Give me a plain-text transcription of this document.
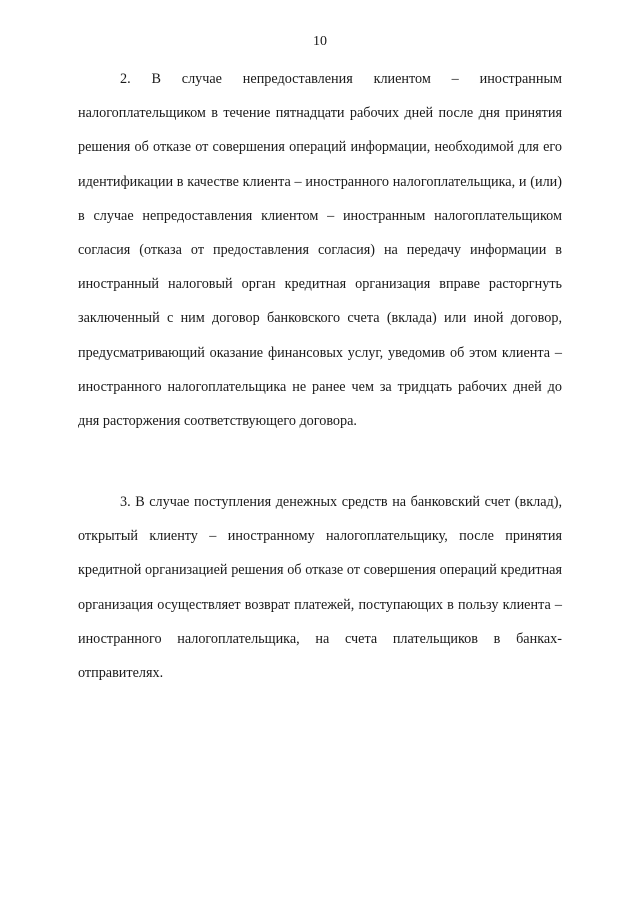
10

2. В случае непредоставления клиентом – иностранным налогоплательщиком в течение пятнадцати рабочих дней после дня принятия решения об отказе от совершения операций информации, необходимой для его идентификации в качестве клиента – иностранного налогоплательщика, и (или) в случае непредоставления клиентом – иностранным налогоплательщиком согласия (отказа от предоставления согласия) на передачу информации в иностранный налоговый орган кредитная организация вправе расторгнуть заключенный с ним договор банковского счета (вклада) или иной договор, предусматривающий оказание финансовых услуг, уведомив об этом клиента – иностранного налогоплательщика не ранее чем за тридцать рабочих дней до дня расторжения соответствующего договора.

3. В случае поступления денежных средств на банковский счет (вклад), открытый клиенту – иностранному налогоплательщику, после принятия кредитной организацией решения об отказе от совершения операций кредитная организация осуществляет возврат платежей, поступающих в пользу клиента – иностранного налогоплательщика, на счета плательщиков в банках-отправителях.
